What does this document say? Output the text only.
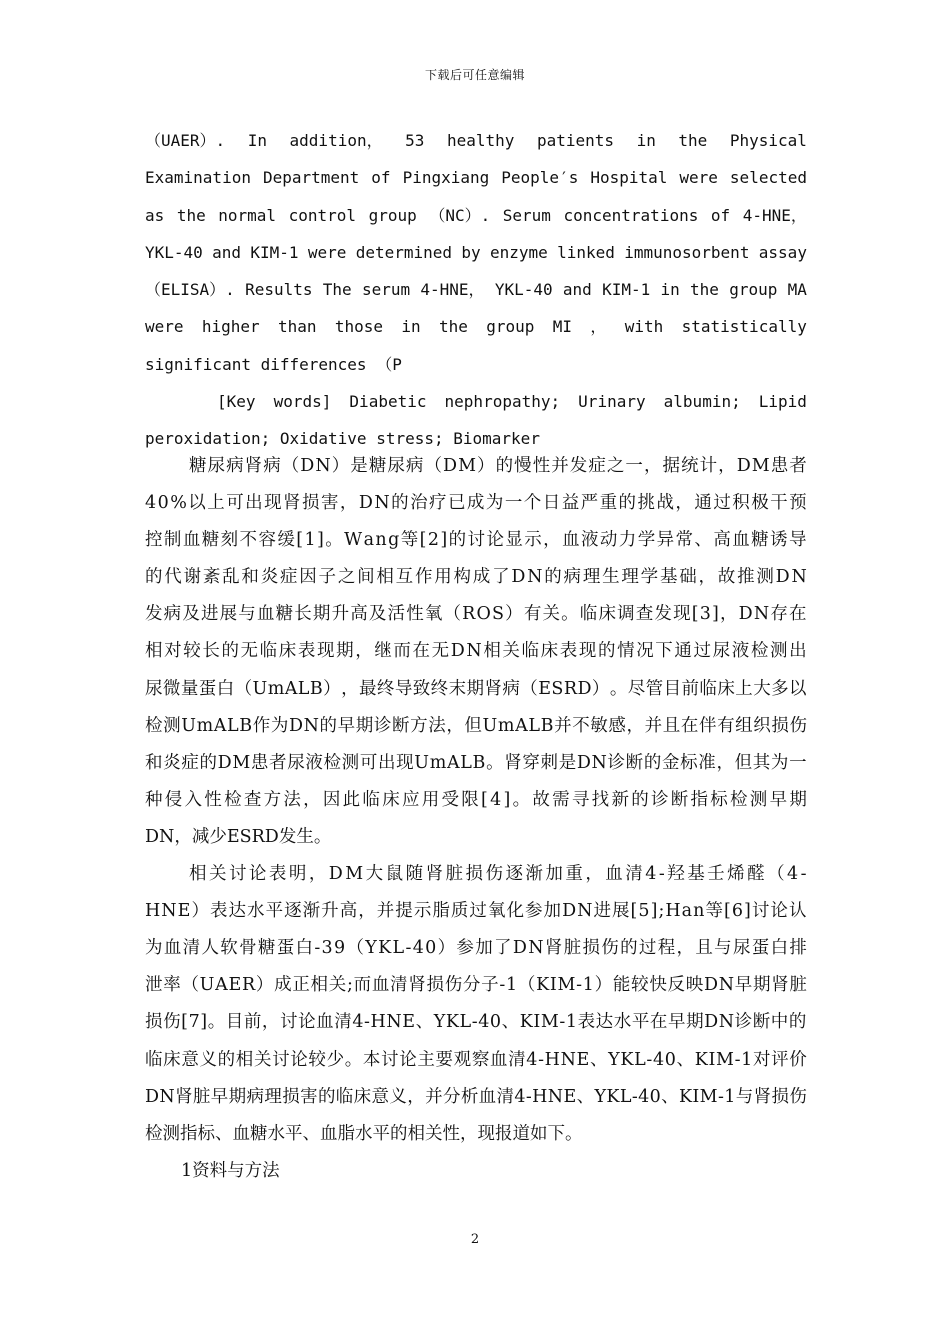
下载后可任意编辑
（UAER）. In addition， 53 healthy patients in the Physical
Examination Department of Pingxiang People′s Hospital were selected
as the normal control group （NC）. Serum concentrations of 4-HNE，
YKL-40 and KIM-1 were determined by enzyme linked immunosorbent assay
（ELISA）. Results The serum 4-HNE， YKL-40 and KIM-1 in the group MA
were higher than those in the group MI ， with statistically
significant differences （P
[Key words] Diabetic nephropathy; Urinary albumin; Lipid
peroxidation; Oxidative stress; Biomarker
糖 尿 病 肾 病 （ D N ） 是 糖 尿 病 （ D M ） 的 慢 性 并 发 症 之 一 ， 据 统 计 ， D M 患 者
4 0 % 以 上 可 出 现 肾 损 害 ， D N 的 治 疗 已 成 为 一 个 日 益 严 重 的 挑 战 ， 通 过 积 极 干 预
控 制 血 糖 刻 不 容 缓 [ 1 ] 。 W a n g 等 [ 2 ] 的 讨 论 显 示 ， 血 液 动 力 学 异 常 、 高 血 糖 诱 导
的 代 谢 紊 乱 和 炎 症 因 子 之 间 相 互 作 用 构 成 了 D N 的 病 理 生 理 学 基 础 ， 故 推 测 D N
发 病 及 进 展 与 血 糖 长 期 升 高 及 活 性 氧 （ R O S ） 有 关 。 临 床 调 查 发 现 [ 3 ] ， D N 存 在
相 对 较 长 的 无 临 床 表 现 期 ， 继 而 在 无 D N 相 关 临 床 表 现 的 情 况 下 通 过 尿 液 检 测 出
尿 微 量 蛋 白 （ U m A L B ） ， 最 终 导 致 终 末 期 肾 病 （ E S R D ） 。 尽 管 目 前 临 床 上 大 多 以
检 测 U m A L B 作 为 D N 的 早 期 诊 断 方 法 ， 但 U m A L B 并 不 敏 感 ， 并 且 在 伴 有 组 织 损 伤
和 炎 症 的 D M 患 者 尿 液 检 测 可 出 现 U m A L B 。 肾 穿 刺 是 D N 诊 断 的 金 标 准 ， 但 其 为 一
种 侵 入 性 检 查 方 法 ， 因 此 临 床 应 用 受 限 [ 4 ] 。 故 需 寻 找 新 的 诊 断 指 标 检 测 早 期
DN，减少ESRD发生。
相 关 讨 论 表 明 ， D M 大 鼠 随 肾 脏 损 伤 逐 渐 加 重 ， 血 清 4 - 羟 基 壬 烯 醛 （ 4 -
H N E ） 表 达 水 平 逐 渐 升 高 ， 并 提 示 脂 质 过 氧 化 参 加 D N 进 展 [ 5 ] ; H a n 等 [ 6 ] 讨 论 认
为 血 清 人 软 骨 糖 蛋 白 - 3 9 （ Y K L - 4 0 ） 参 加 了 D N 肾 脏 损 伤 的 过 程 ， 且 与 尿 蛋 白 排
泄 率 （ U A E R ） 成 正 相 关 ; 而 血 清 肾 损 伤 分 子 - 1 （ K I M - 1 ） 能 较 快 反 映 D N 早 期 肾 脏
损 伤 [ 7 ] 。 目 前 ， 讨 论 血 清 4 - H N E 、 Y K L - 4 0 、 K I M - 1 表 达 水 平 在 早 期 D N 诊 断 中 的
临 床 意 义 的 相 关 讨 论 较 少 。 本 讨 论 主 要 观 察 血 清 4 - H N E 、 Y K L - 4 0 、 K I M - 1 对 评 价
D N 肾 脏 早 期 病 理 损 害 的 临 床 意 义 ， 并 分 析 血 清 4 - H N E 、 Y K L - 4 0 、 K I M - 1 与 肾 损 伤
检测指标、血糖水平、血脂水平的相关性，现报道如下。
1资料与方法
2
